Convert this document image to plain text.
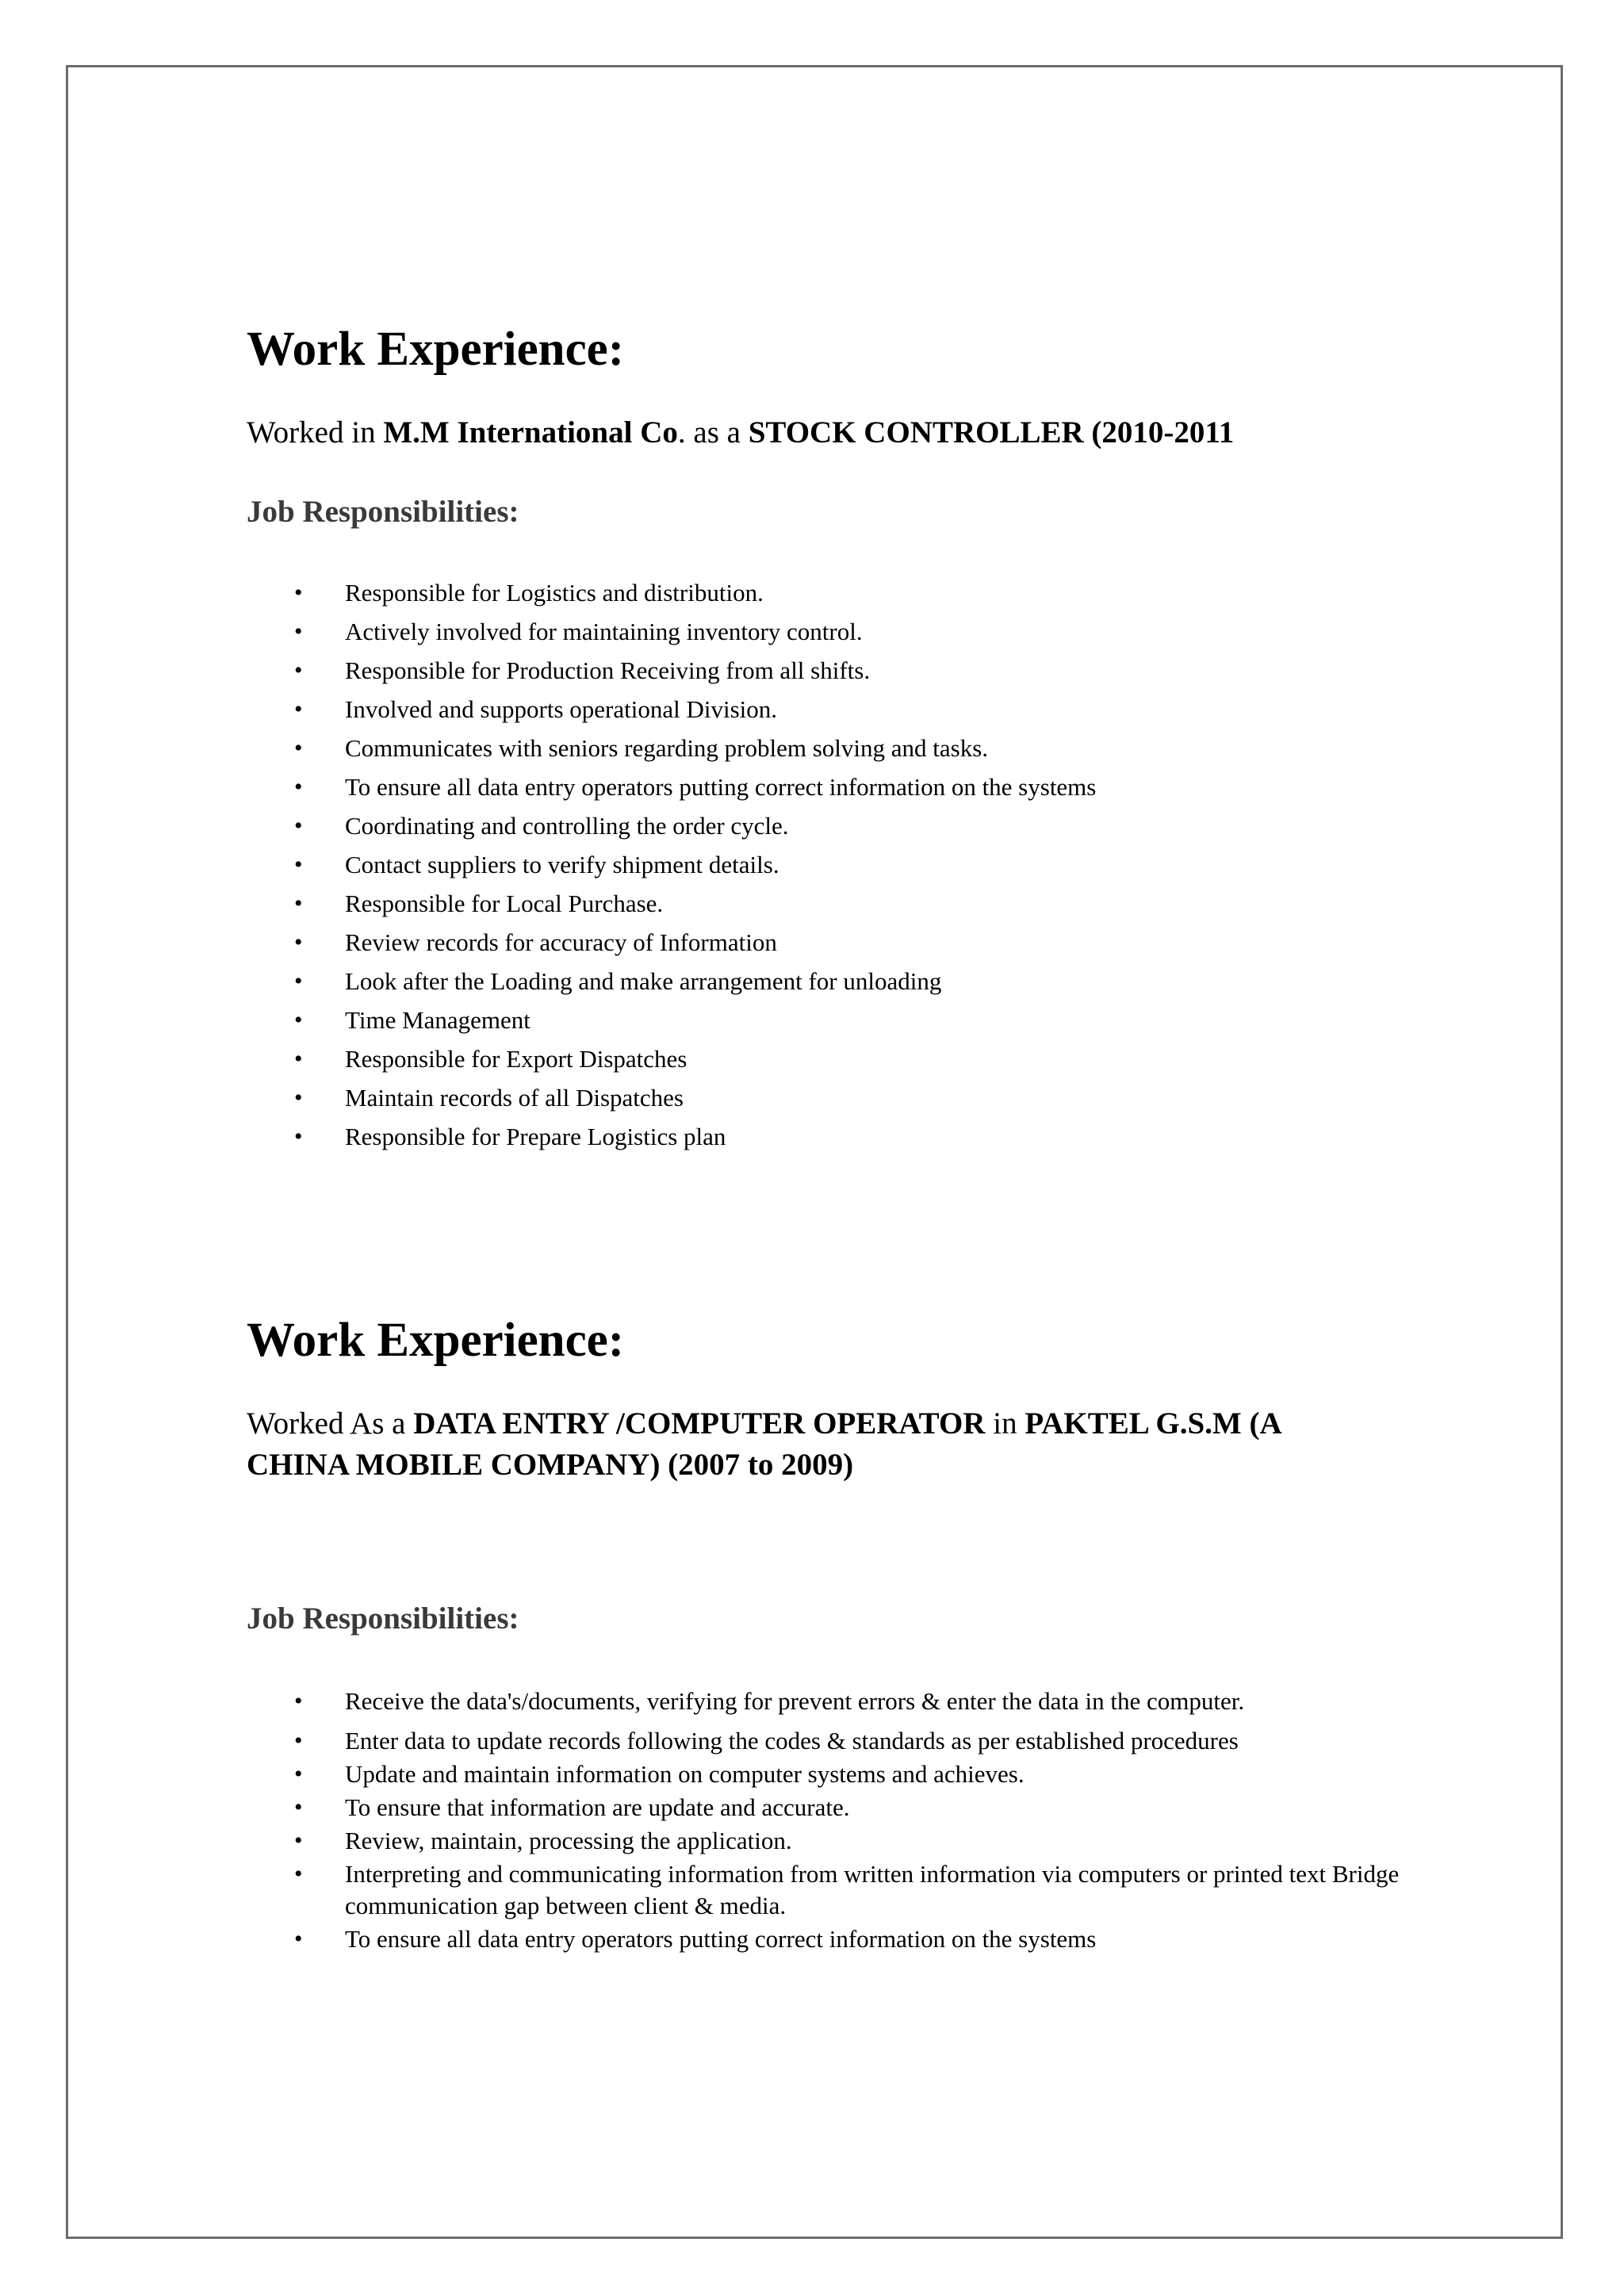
Work Experience:

Worked in M.M International Co. as a STOCK CONTROLLER (2010-2011

Job Responsibilities:
• Responsible for Logistics and distribution.
• Actively involved for maintaining inventory control.
• Responsible for Production Receiving from all shifts.
• Involved and supports operational Division.
• Communicates with seniors regarding problem solving and tasks.
• To ensure all data entry operators putting correct information on the systems
• Coordinating and controlling the order cycle.
• Contact suppliers to verify shipment details.
• Responsible for Local Purchase.
• Review records for accuracy of Information
• Look after the Loading and make arrangement for unloading
• Time Management
• Responsible for Export Dispatches
• Maintain records of all Dispatches
• Responsible for Prepare Logistics plan
Work Experience:

Worked As a DATA ENTRY /COMPUTER OPERATOR in PAKTEL G.S.M (A CHINA MOBILE COMPANY) (2007 to 2009)

Job Responsibilities:
• Receive the data's/documents, verifying for prevent errors & enter the data in the computer.
• Enter data to update records following the codes & standards as per established procedures
• Update and maintain information on computer systems and achieves.
• To ensure that information are update and accurate.
• Review, maintain, processing the application.
• Interpreting and communicating information from written information via computers or printed text Bridge communication gap between client & media.
• To ensure all data entry operators putting correct information on the systems
